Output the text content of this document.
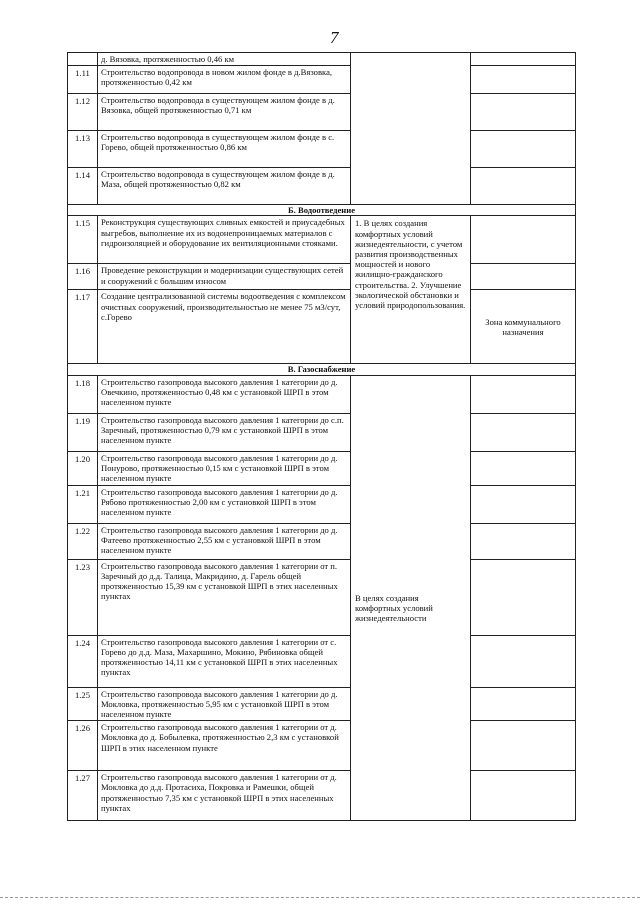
7
	д. Вязовка, протяженностью 0,46 км		
1.11	Строительство водопровода в новом жилом фонде в д.Вязовка, протяженностью 0,42 км		
1.12	Строительство водопровода в существующем жилом фонде в д. Вязовка, общей протяженностью 0,71 км		
1.13	Строительство водопровода в существующем жилом фонде в с. Горево, общей протяженностью 0,86 км		
1.14	Строительство водопровода в существующем жилом фонде в д. Маза, общей протяженностью 0,82 км		
Б. Водоотведение			
1.15	Реконструкция существующих сливных емкостей и приусадебных выгребов, выполнение их из водонепроницаемых материалов с гидроизоляцией и оборудование их вентиляционными стояками.	1. В целях создания комфортных условий жизнедеятельности, с учетом развития производственных мощностей и нового жилищно-гражданского строительства. 2. Улучшение экологической обстановки и условий природопользования.	
1.16	Проведение реконструкции и модернизации существующих сетей и сооружений с большим износом		
1.17	Создание централизованной системы водоотведения с комплексом очистных сооружений, производительностью не менее 75 м3/сут, с.Горево		Зона коммунального назначения
В. Газоснабжение			
1.18	Строительство газопровода высокого давления 1 категории до д. Овечкино, протяженностью 0,48 км с установкой ШРП в этом населенном пункте	В целях создания комфортных условий жизнедеятельности	

1.19	Строительство газопровода высокого давления 1 категории до с.п. Заречный, протяженностью 0,79 км с установкой ШРП в этом населенном пункте		
1.20	Строительство газопровода высокого давления 1 категории до д. Понурово, протяженностью 0,15 км с установкой ШРП в этом населенном пункте		
1.21	Строительство газопровода высокого давления 1 категории до д. Рябово протяженностью 2,00 км с установкой ШРП в этом населенном пункте		
1.22	Строительство газопровода высокого давления 1 категории до д. Фатеево протяженностью 2,55 км с установкой ШРП в этом населенном пункте		
1.23	Строительство газопровода высокого давления 1 категории от п. Заречный до д.д. Талица, Макридино, д. Гарель общей протяженностью 15,39 км с установкой ШРП в этих населенных пунктах		
1.24	Строительство газопровода высокого давления 1 категории от с. Горево до д.д. Маза, Махаршино, Мокино, Рябиновка общей протяженностью 14,11 км с установкой ШРП в этих населенных пунктах		
1.25	Строительство газопровода высокого давления 1 категории до д. Мокловка, протяженностью 5,95 км с установкой ШРП в этом населенном пункте		
1.26	Строительство газопровода высокого давления 1 категории от д. Мокловка до д. Бобылевка, протяженностью 2,3 км с установкой ШРП в этих населенном пункте		
1.27	Строительство газопровода высокого давления 1 категории от д. Мокловка до д.д. Протасиха, Покровка и Рамешки, общей протяженностью 7,35 км с установкой ШРП в этих населенных пунктах		
